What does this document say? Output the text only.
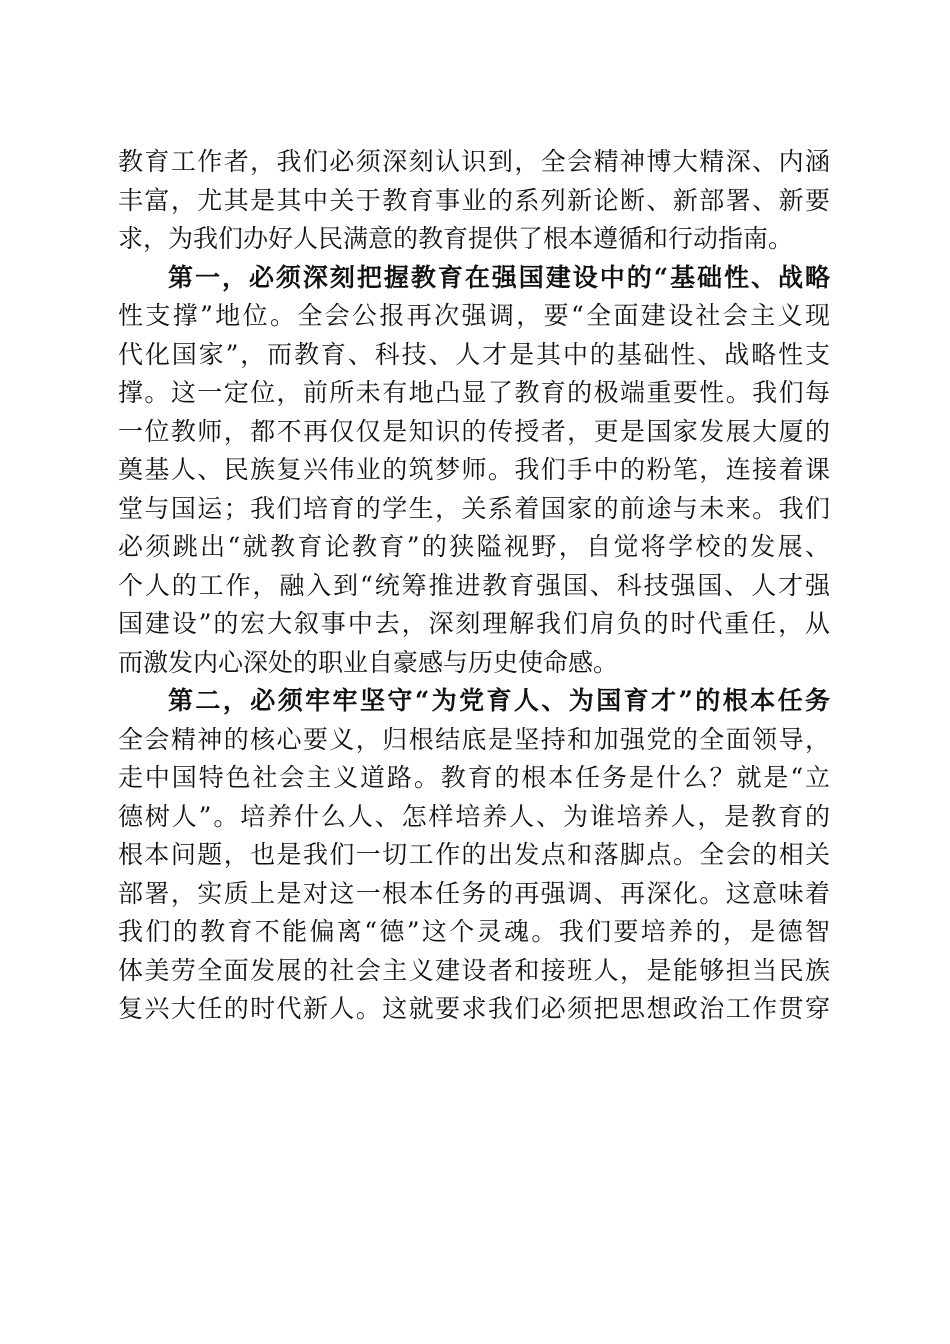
教育工作者，我们必须深刻认识到，全会精神博大精深、内涵
丰富，尤其是其中关于教育事业的系列新论断、新部署、新要
求，为我们办好人民满意的教育提供了根本遵循和行动指南。
第一，必须深刻把握教育在强国建设中的“基础性、战略
性支撑”地位。全会公报再次强调，要“全面建设社会主义现
代化国家”，而教育、科技、人才是其中的基础性、战略性支
撑。这一定位，前所未有地凸显了教育的极端重要性。我们每
一位教师，都不再仅仅是知识的传授者，更是国家发展大厦的
奠基人、民族复兴伟业的筑梦师。我们手中的粉笔，连接着课
堂与国运；我们培育的学生，关系着国家的前途与未来。我们
必须跳出“就教育论教育”的狭隘视野，自觉将学校的发展、
个人的工作，融入到“统筹推进教育强国、科技强国、人才强
国建设”的宏大叙事中去，深刻理解我们肩负的时代重任，从
而激发内心深处的职业自豪感与历史使命感。
第二，必须牢牢坚守“为党育人、为国育才”的根本任务
全会精神的核心要义，归根结底是坚持和加强党的全面领导，
走中国特色社会主义道路。教育的根本任务是什么？就是“立
德树人”。培养什么人、怎样培养人、为谁培养人，是教育的
根本问题，也是我们一切工作的出发点和落脚点。全会的相关
部署，实质上是对这一根本任务的再强调、再深化。这意味着
我们的教育不能偏离“德”这个灵魂。我们要培养的，是德智
体美劳全面发展的社会主义建设者和接班人，是能够担当民族
复兴大任的时代新人。这就要求我们必须把思想政治工作贯穿
